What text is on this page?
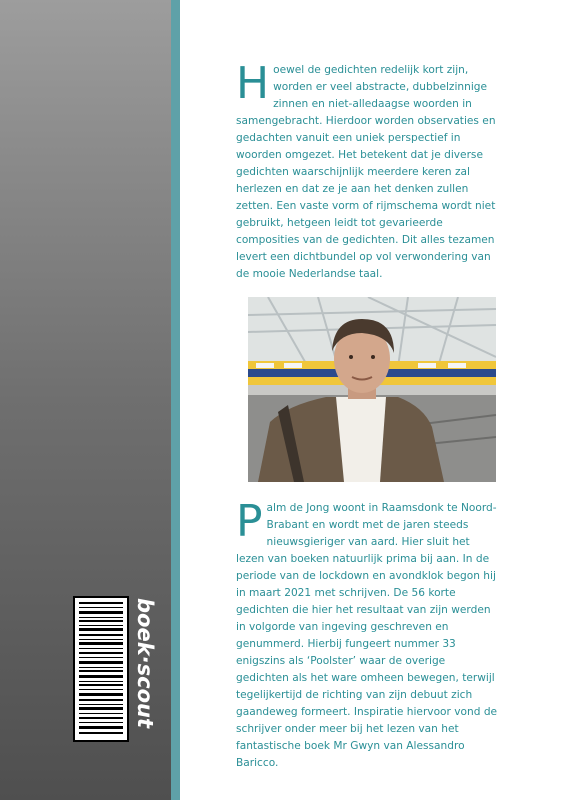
Hoewel de gedichten redelijk kort zijn, worden er veel abstracte, dubbelzinnige zinnen en niet-alledaagse woorden in samengebracht. Hierdoor worden observaties en gedachten vanuit een uniek perspectief in woorden omgezet. Het betekent dat je diverse gedichten waarschijnlijk meerdere keren zal herlezen en dat ze je aan het denken zullen zetten. Een vaste vorm of rijmschema wordt niet gebruikt, hetgeen leidt tot gevarieerde composities van de gedichten. Dit alles tezamen levert een dichtbundel op vol verwondering van de mooie Nederlandse taal.
Palm de Jong woont in Raamsdonk te Noord-Brabant en wordt met de jaren steeds nieuwsgieriger van aard. Hier sluit het lezen van boeken natuurlijk prima bij aan. In de periode van de lockdown en avondklok begon hij in maart 2021 met schrijven. De 56 korte gedichten die hier het resultaat van zijn werden in volgorde van ingeving geschreven en genummerd. Hierbij fungeert nummer 33 enigszins als ‘Poolster’ waar de overige gedichten als het ware omheen bewegen, terwijl tegelijkertijd de richting van zijn debuut zich gaandeweg formeert. Inspiratie hiervoor vond de schrijver onder meer bij het lezen van het fantastische boek Mr Gwyn van Alessandro Baricco.
boek·scout
